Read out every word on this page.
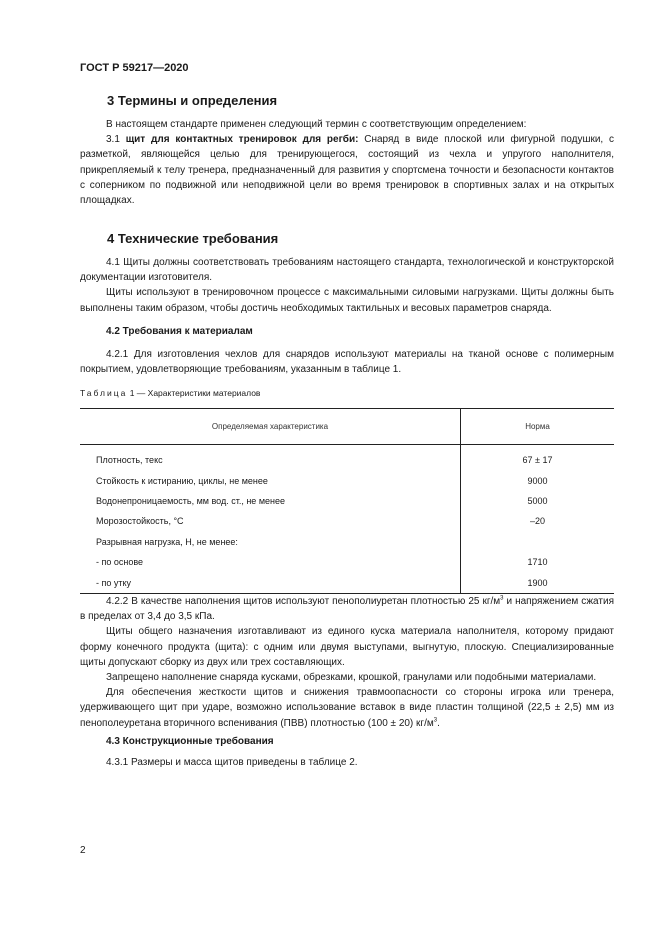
ГОСТ Р 59217—2020
3 Термины и определения
В настоящем стандарте применен следующий термин с соответствующим определением:
3.1 щит для контактных тренировок для регби: Снаряд в виде плоской или фигурной подушки, с разметкой, являющейся целью для тренирующегося, состоящий из чехла и упругого наполнителя, прикрепляемый к телу тренера, предназначенный для развития у спортсмена точности и безопасности контактов с соперником по подвижной или неподвижной цели во время тренировок в спортивных залах и на открытых площадках.
4 Технические требования
4.1 Щиты должны соответствовать требованиям настоящего стандарта, технологической и конструкторской документации изготовителя.
Щиты используют в тренировочном процессе с максимальными силовыми нагрузками. Щиты должны быть выполнены таким образом, чтобы достичь необходимых тактильных и весовых параметров снаряда.
4.2 Требования к материалам
4.2.1 Для изготовления чехлов для снарядов используют материалы на тканой основе с полимерным покрытием, удовлетворяющие требованиям, указанным в таблице 1.
Таблица 1 — Характеристики материалов
Определяемая характеристика	Норма
Плотность, текс	67 ± 17
Стойкость к истиранию, циклы, не менее	9000
Водонепроницаемость, мм вод. ст., не менее	5000
Морозостойкость, °С	–20
Разрывная нагрузка, Н, не менее:	
- по основе	1710
- по утку	1900
4.2.2 В качестве наполнения щитов используют пенополиуретан плотностью 25 $кг/м^3$ и напряжением сжатия в пределах от 3,4 до 3,5 кПа.
Щиты общего назначения изготавливают из единого куска материала наполнителя, которому придают форму конечного продукта (щита): с одним или двумя выступами, выгнутую, плоскую. Специализированные щиты допускают сборку из двух или трех составляющих.
Запрещено наполнение снаряда кусками, обрезками, крошкой, гранулами или подобными материалами.
Для обеспечения жесткости щитов и снижения травмоопасности со стороны игрока или тренера, удерживающего щит при ударе, возможно использование вставок в виде пластин толщиной (22,5 ± 2,5) мм из пенополеуретана вторичного вспенивания (ПВВ) плотностью (100 ± 20) $кг/м^3$.
4.3 Конструкционные требования
4.3.1 Размеры и масса щитов приведены в таблице 2.
2
